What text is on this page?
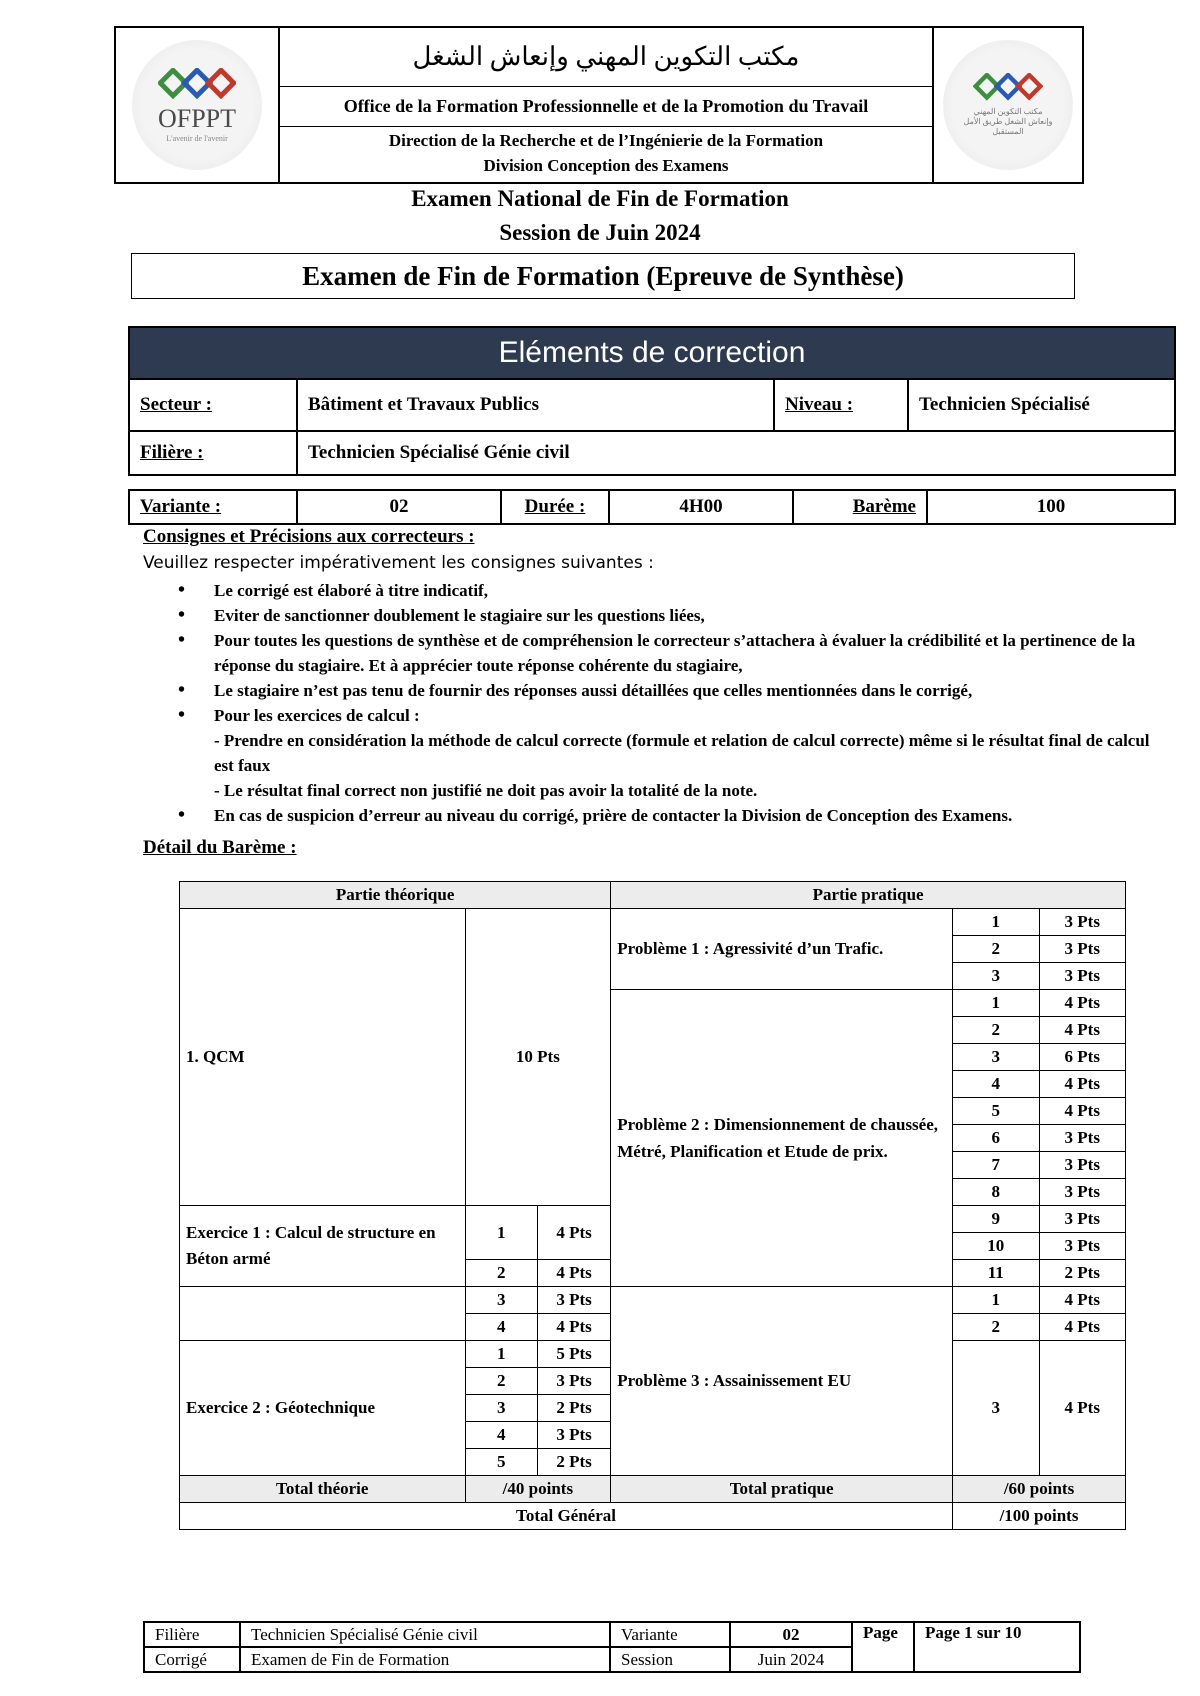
OFPPT
L'avenir de l'avenir
مكتب التكوين المهني وإنعاش الشغل
Office de la Formation Professionnelle et de la Promotion du Travail
Direction de la Recherche et de l’Ingénierie de la Formation
Division Conception des Examens
مكتب التكوين المهني وإنعاش الشغل طريق الأمل المستقبل
Examen National de Fin de Formation
Session de Juin 2024
Examen de Fin de Formation (Epreuve de Synthèse)
Eléments de correction			
Secteur :	Bâtiment et Travaux Publics	Niveau :	Technicien Spécialisé
Filière :	Technicien Spécialisé Génie civil		
Variante :	02	Durée :	4H00	Barème	100
Consignes et Précisions aux correcteurs :
Veuillez respecter impérativement les consignes suivantes :
• Le corrigé est élaboré à titre indicatif,
• Eviter de sanctionner doublement le stagiaire sur les questions liées,
• Pour toutes les questions de synthèse et de compréhension le correcteur s’attachera à évaluer la crédibilité et la pertinence de la réponse du stagiaire. Et à apprécier toute réponse cohérente du stagiaire,
• Le stagiaire n’est pas tenu de fournir des réponses aussi détaillées que celles mentionnées dans le corrigé,
• Pour les exercices de calcul :
- Prendre en considération la méthode de calcul correcte (formule et relation de calcul correcte) même si le résultat final de calcul est faux
- Le résultat final correct non justifié ne doit pas avoir la totalité de la note.
• En cas de suspicion d’erreur au niveau du corrigé, prière de contacter la Division de Conception des Examens.
Détail du Barème :
Partie théorique			Partie pratique		
1. QCM	10 Pts		Problème 1 : Agressivité d’un Trafic.	1	3 Pts
				2	3 Pts
				3	3 Pts
			Problème 2 : Dimensionnement de chaussée, Métré, Planification et Etude de prix.	1	4 Pts
				2	4 Pts
				3	6 Pts
				4	4 Pts
				5	4 Pts
				6	3 Pts
				7	3 Pts
				8	3 Pts
Exercice 1 : Calcul de structure en Béton armé	1	4 Pts		9	3 Pts
				10	3 Pts
	2	4 Pts		11	2 Pts
	3	3 Pts	Problème 3 : Assainissement EU	1	4 Pts
	4	4 Pts		2	4 Pts
Exercice 2 : Géotechnique	1	5 Pts		3	4 Pts
	2	3 Pts			
	3	2 Pts			
	4	3 Pts			
	5	2 Pts			
Total théorie	/40 points		Total pratique	/60 points	
Total Général				/100 points	
Filière	Technicien Spécialisé Génie civil	Variante	02	Page	Page 1 sur 10
Corrigé	Examen de Fin de Formation	Session	Juin 2024		
